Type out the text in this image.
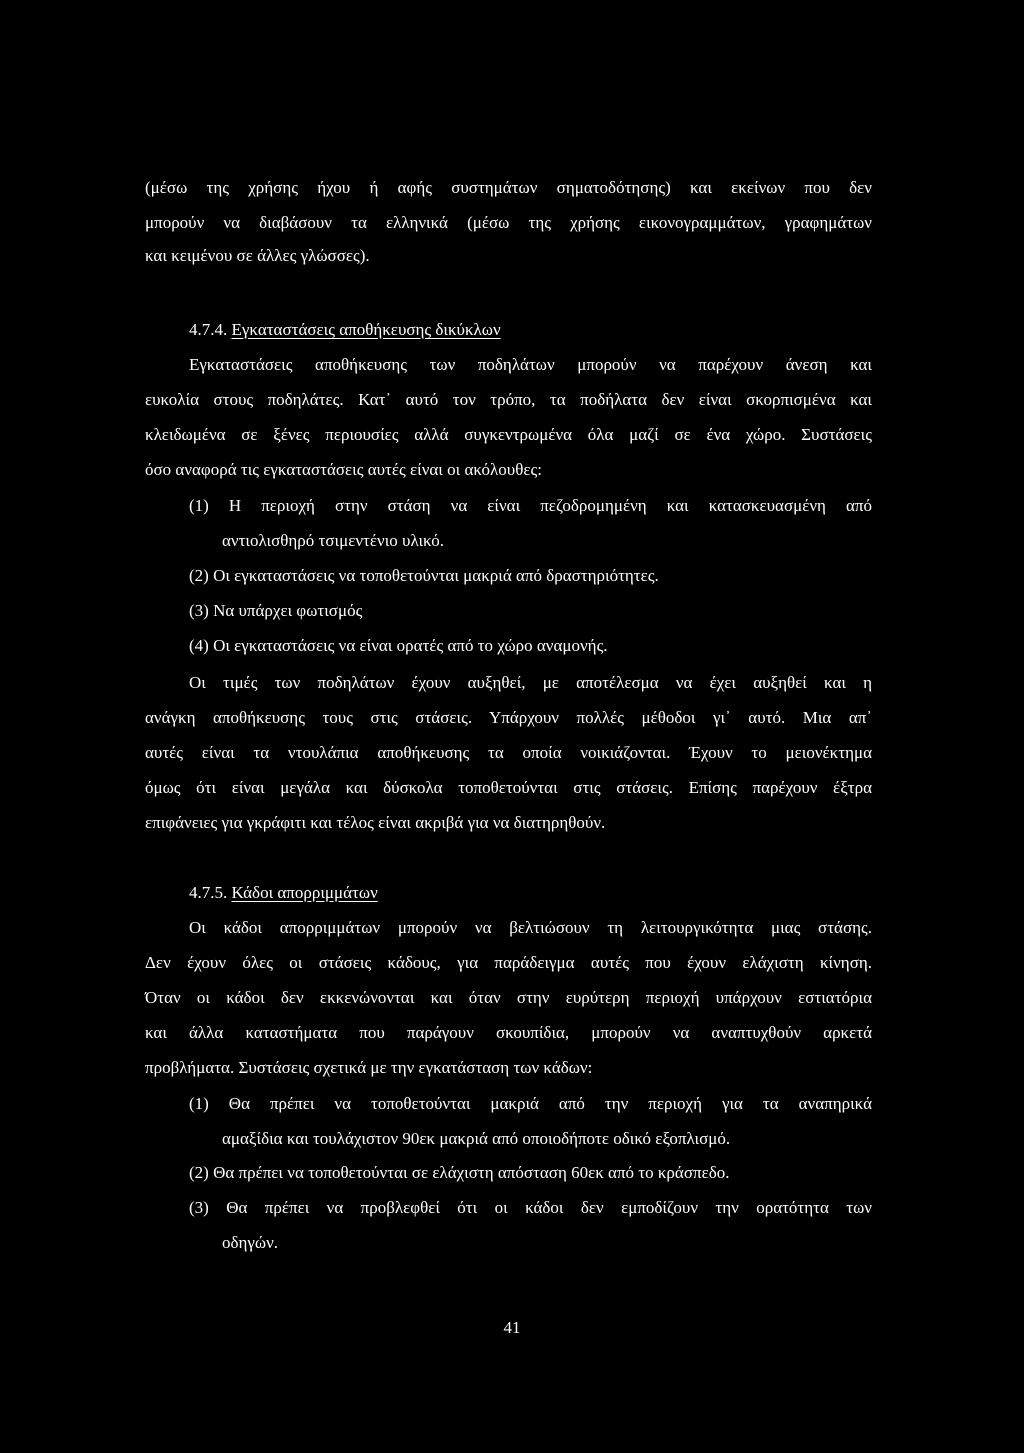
(μέσω της χρήσης ήχου ή αφής συστημάτων σηματοδότησης) και εκείνων που δεν
μπορούν να διαβάσουν τα ελληνικά (μέσω της χρήσης εικονογραμμάτων, γραφημάτων
και κειμένου σε άλλες γλώσσες).
4.7.4. Εγκαταστάσεις αποθήκευσης δικύκλων
Εγκαταστάσεις αποθήκευσης των ποδηλάτων μπορούν να παρέχουν άνεση και
ευκολία στους ποδηλάτες. Κατ᾽ αυτό τον τρόπο, τα ποδήλατα δεν είναι σκορπισμένα και
κλειδωμένα σε ξένες περιουσίες αλλά συγκεντρωμένα όλα μαζί σε ένα χώρο. Συστάσεις
όσο αναφορά τις εγκαταστάσεις αυτές είναι οι ακόλουθες:
(1) Η περιοχή στην στάση να είναι πεζοδρομημένη και κατασκευασμένη από
αντιολισθηρό τσιμεντένιο υλικό.
(2) Οι εγκαταστάσεις να τοποθετούνται μακριά από δραστηριότητες.
(3) Να υπάρχει φωτισμός
(4) Οι εγκαταστάσεις να είναι ορατές από το χώρο αναμονής.
Οι τιμές των ποδηλάτων έχουν αυξηθεί, με αποτέλεσμα να έχει αυξηθεί και η
ανάγκη αποθήκευσης τους στις στάσεις. Υπάρχουν πολλές μέθοδοι γι᾽ αυτό. Μια απ᾽
αυτές είναι τα ντουλάπια αποθήκευσης τα οποία νοικιάζονται. Έχουν το μειονέκτημα
όμως ότι είναι μεγάλα και δύσκολα τοποθετούνται στις στάσεις. Επίσης παρέχουν έξτρα
επιφάνειες για γκράφιτι και τέλος είναι ακριβά για να διατηρηθούν.
4.7.5. Κάδοι απορριμμάτων
Οι κάδοι απορριμμάτων μπορούν να βελτιώσουν τη λειτουργικότητα μιας στάσης.
Δεν έχουν όλες οι στάσεις κάδους, για παράδειγμα αυτές που έχουν ελάχιστη κίνηση.
Όταν οι κάδοι δεν εκκενώνονται και όταν στην ευρύτερη περιοχή υπάρχουν εστιατόρια
και άλλα καταστήματα που παράγουν σκουπίδια, μπορούν να αναπτυχθούν αρκετά
προβλήματα. Συστάσεις σχετικά με την εγκατάσταση των κάδων:
(1) Θα πρέπει να τοποθετούνται μακριά από την περιοχή για τα αναπηρικά
αμαξίδια και τουλάχιστον 90εκ μακριά από οποιοδήποτε οδικό εξοπλισμό.
(2) Θα πρέπει να τοποθετούνται σε ελάχιστη απόσταση 60εκ από το κράσπεδο.
(3) Θα πρέπει να προβλεφθεί ότι οι κάδοι δεν εμποδίζουν την ορατότητα των
οδηγών.
41
